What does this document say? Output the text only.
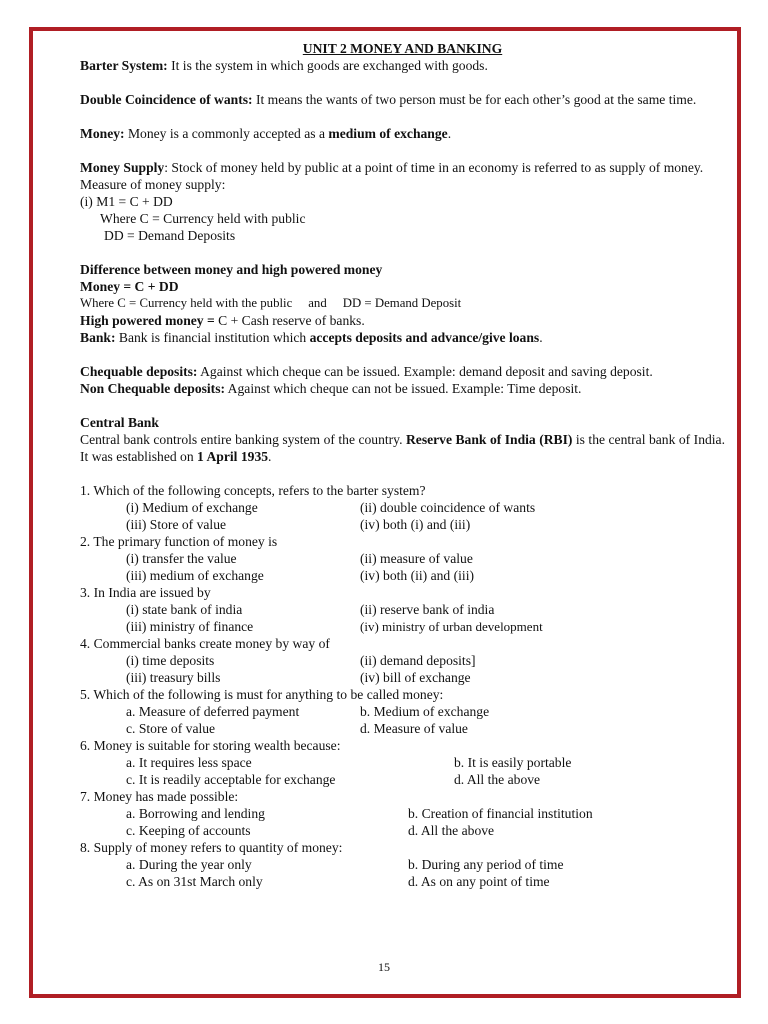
UNIT 2 MONEY AND BANKING

Barter System: It is the system in which goods are exchanged with goods.

Double Coincidence of wants: It means the wants of two person must be for each other’s good at the same time.

Money: Money is a commonly accepted as a medium of exchange.

Money Supply: Stock of money held by public at a point of time in an economy is referred to as supply of money.

Measure of money supply:

(i) M1 = C + DD

Where C = Currency held with public

DD = Demand Deposits

Difference between money and high powered money

Money = C + DD

Where C = Currency held with the public     and     DD = Demand Deposit

High powered money = C + Cash reserve of banks.

Bank: Bank is financial institution which accepts deposits and advance/give loans.

Chequable deposits: Against which cheque can be issued. Example: demand deposit and saving deposit.

Non Chequable deposits: Against which cheque can not be issued. Example: Time deposit.

Central Bank

Central bank controls entire banking system of the country. Reserve Bank of India (RBI) is the central bank of India. It was established on 1 April 1935.

1. Which of the following concepts, refers to the barter system?

(i) Medium of exchange	(ii) double coincidence of wants
(iii) Store of value	(iv) both (i) and (iii)

2. The primary function of money is

(i) transfer the value	(ii) measure of value
(iii) medium of exchange	(iv) both (ii) and (iii)

3. In India are issued by

(i) state bank of india	(ii) reserve bank of india
(iii) ministry of finance	(iv) ministry of urban development

4. Commercial banks create money by way of

(i) time deposits	(ii) demand deposits]
(iii) treasury bills	(iv) bill of exchange

5. Which of the following is must for anything to be called money:

a. Measure of deferred payment	b. Medium of exchange
c. Store of value	d. Measure of value

6. Money is suitable for storing wealth because:

a. It requires less space	b. It is easily portable
c. It is readily acceptable for exchange	d. All the above

7. Money has made possible:

a. Borrowing and lending	b. Creation of financial institution
c. Keeping of accounts	d. All the above

8. Supply of money refers to quantity of money:

a. During the year only	b. During any period of time
c. As on 31st March only	d. As on any point of time
15
